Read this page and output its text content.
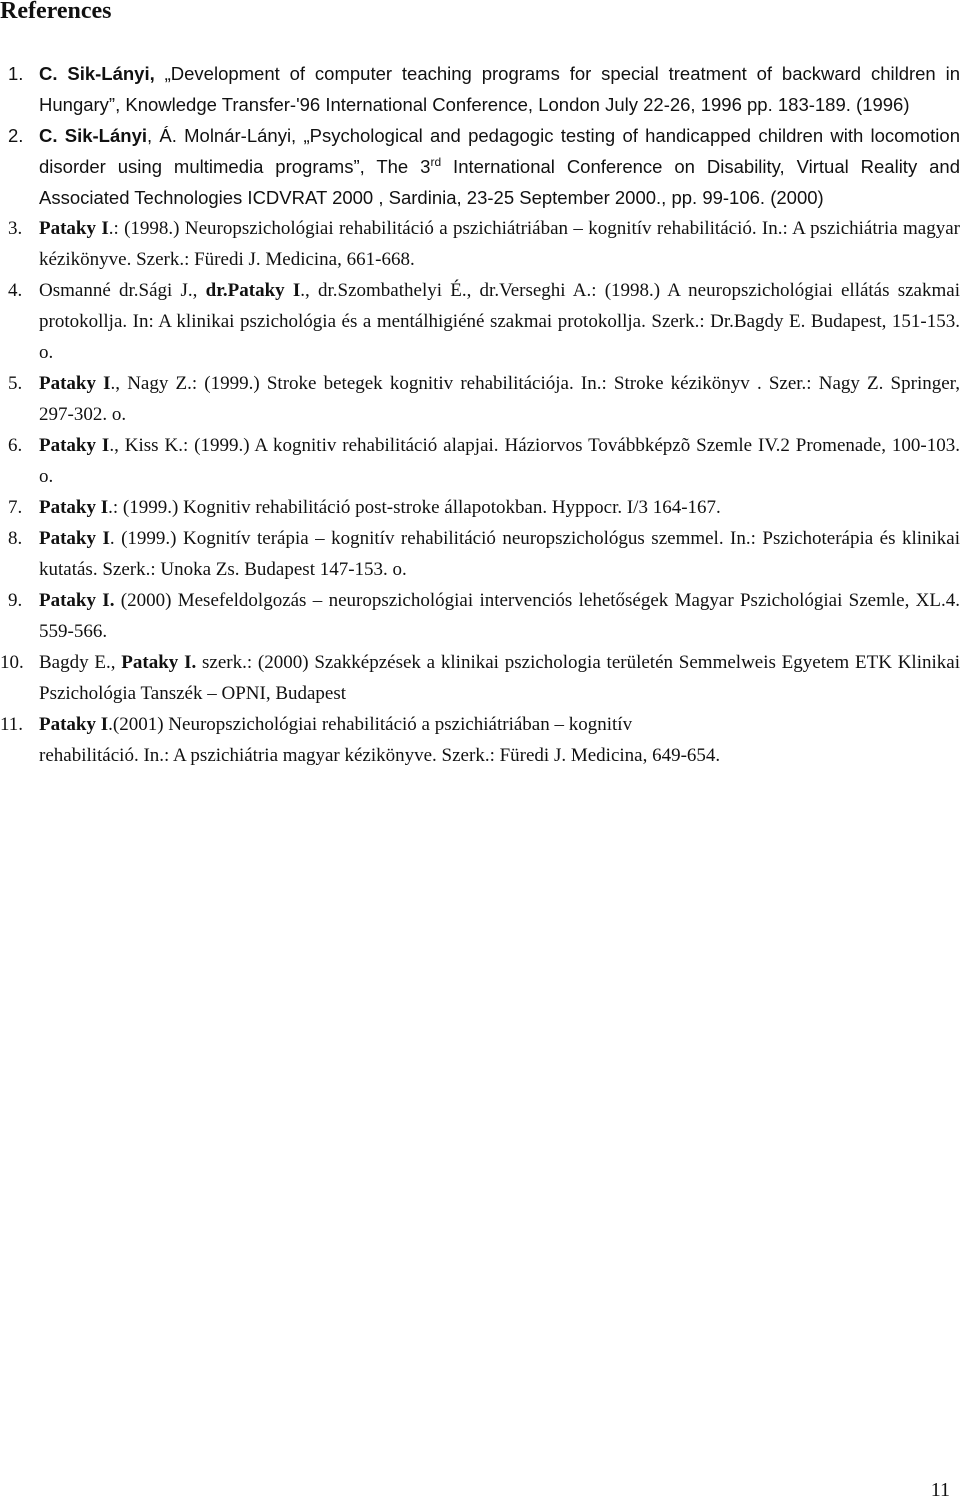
References
1. C. Sik-Lányi, „Development of computer teaching programs for special treatment of backward children in Hungary”, Knowledge Transfer-'96 International Conference, London July 22-26, 1996 pp. 183-189. (1996)
2. C. Sik-Lányi, Á. Molnár-Lányi, „Psychological and pedagogic testing of handicapped children with locomotion disorder using multimedia programs”, The 3rd International Conference on Disability, Virtual Reality and Associated Technologies ICDVRAT 2000 , Sardinia, 23-25 September 2000., pp. 99-106. (2000)
3. Pataky I.: (1998.) Neuropszichológiai rehabilitáció a pszichiátriában – kognitív rehabilitáció. In.: A pszichiátria magyar kézikönyve. Szerk.: Füredi J. Medicina, 661-668.
4. Osmanné dr.Sági J., dr.Pataky I., dr.Szombathelyi É., dr.Verseghi A.: (1998.) A neuropszichológiai ellátás szakmai protokollja. In: A klinikai pszichológia és a mentálhigiéné szakmai protokollja. Szerk.: Dr.Bagdy E. Budapest, 151-153. o.
5. Pataky I., Nagy Z.: (1999.) Stroke betegek kognitiv rehabilitációja. In.: Stroke kézikönyv . Szer.: Nagy Z. Springer, 297-302. o.
6. Pataky I., Kiss K.: (1999.) A kognitiv rehabilitáció alapjai. Háziorvos Továbbképzõ Szemle IV.2 Promenade, 100-103. o.
7. Pataky I.: (1999.) Kognitiv rehabilitáció post-stroke állapotokban. Hyppocr. I/3 164-167.
8. Pataky I. (1999.) Kognitív terápia – kognitív rehabilitáció neuropszichológus szemmel. In.: Pszichoterápia és klinikai kutatás. Szerk.: Unoka Zs. Budapest 147-153. o.
9. Pataky I. (2000) Mesefeldolgozás – neuropszichológiai intervenciós lehetőségek Magyar Pszichológiai Szemle, XL.4. 559-566.
10. Bagdy E., Pataky I. szerk.: (2000) Szakképzések a klinikai pszichologia területén Semmelweis Egyetem ETK Klinikai Pszichológia Tanszék – OPNI, Budapest
11. Pataky I.(2001) Neuropszichológiai rehabilitáció a pszichiátriában – kognitív
rehabilitáció. In.: A pszichiátria magyar kézikönyve. Szerk.: Füredi J. Medicina, 649-654.
11
